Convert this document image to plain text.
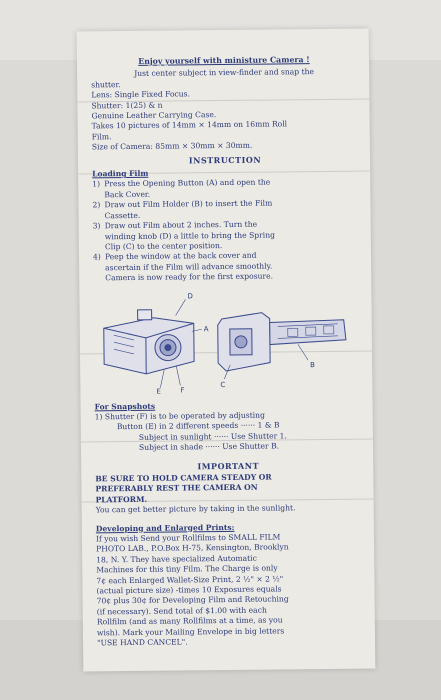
Enjoy yourself with ministure Camera !
Just center subject in view-finder and snap the
shutter.
Lens: Single Fixed Focus.
Shutter: 1(25) & n
Genuine Leather Carrying Case.
Takes 10 pictures of 14mm × 14mm on 16mm Roll
Film.
Size of Camera: 85mm × 30mm × 30mm.
INSTRUCTION
Loading Film
1) Press the Opening Button (A) and open the
Back Cover.
2) Draw out Film Holder (B) to insert the Film
Cassette.
3) Draw out Film about 2 inches. Turn the
winding knob (D) a little to bring the Spring
Clip (C) to the center position.
4) Peep the window at the back cover and
ascertain if the Film will advance smoothly.
Camera is now ready for the first exposure.
D
A
E	F
B
C
For Snapshots
1) Shutter (F) is to be operated by adjusting
Button (E) in 2 different speeds ······ 1 & B
Subject in sunlight ······ Use Shutter 1.
Subject in shade ······ Use Shutter B.
IMPORTANT
BE SURE TO HOLD CAMERA STEADY OR
PREFERABLY REST THE CAMERA ON
PLATFORM.
You can get better picture by taking in the sunlight.
Developing and Enlarged Prints:
If you wish Send your Rollfilms to SMALL FILM
PHOTO LAB., P.O.Box H-75, Kensington, Brooklyn
18, N. Y. They have specialized Automatic
Machines for this tiny Film. The Charge is only
7¢ each Enlarged Wallet-Size Print, 2 ½" × 2 ½"
(actual picture size) -times 10 Exposures equals
70¢ plus 30¢ for Developing Film and Retouching
(if necessary). Send total of $1.00 with each
Rollfilm (and as many Rollfilms at a time, as you
wish). Mark your Mailing Envelope in big letters
"USE HAND CANCEL".
